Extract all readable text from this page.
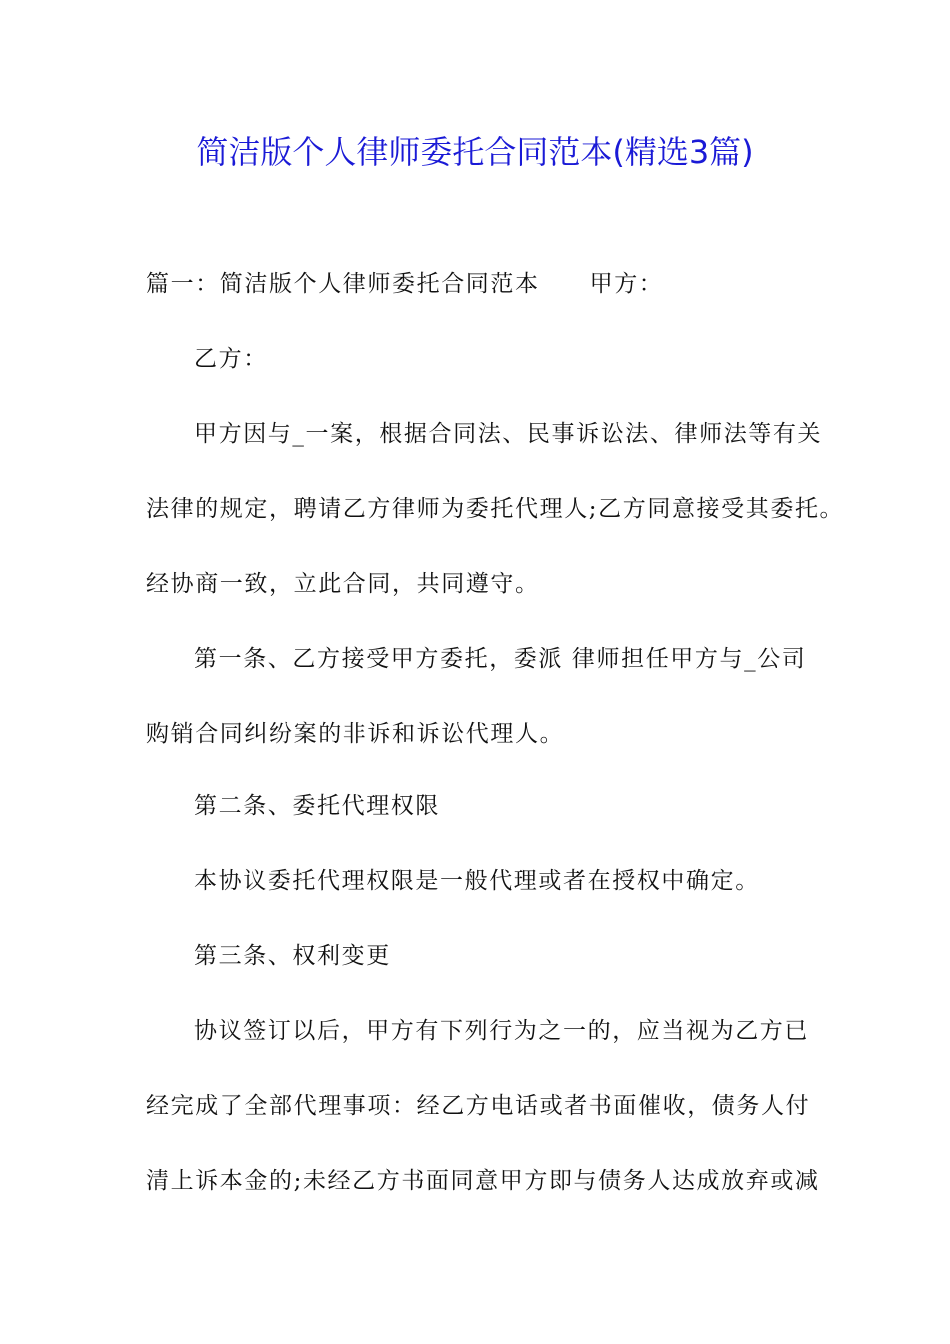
简洁版个人律师委托合同范本(精选3篇)
篇一：简洁版个人律师委托合同范本 甲方：
乙方：
甲方因与_一案，根据合同法、民事诉讼法、律师法等有关
法律的规定，聘请乙方律师为委托代理人;乙方同意接受其委托。
经协商一致，立此合同，共同遵守。
第一条、乙方接受甲方委托，委派 律师担任甲方与_公司
购销合同纠纷案的非诉和诉讼代理人。
第二条、委托代理权限
本协议委托代理权限是一般代理或者在授权中确定。
第三条、权利变更
协议签订以后，甲方有下列行为之一的，应当视为乙方已
经完成了全部代理事项：经乙方电话或者书面催收，债务人付
清上诉本金的;未经乙方书面同意甲方即与债务人达成放弃或减
